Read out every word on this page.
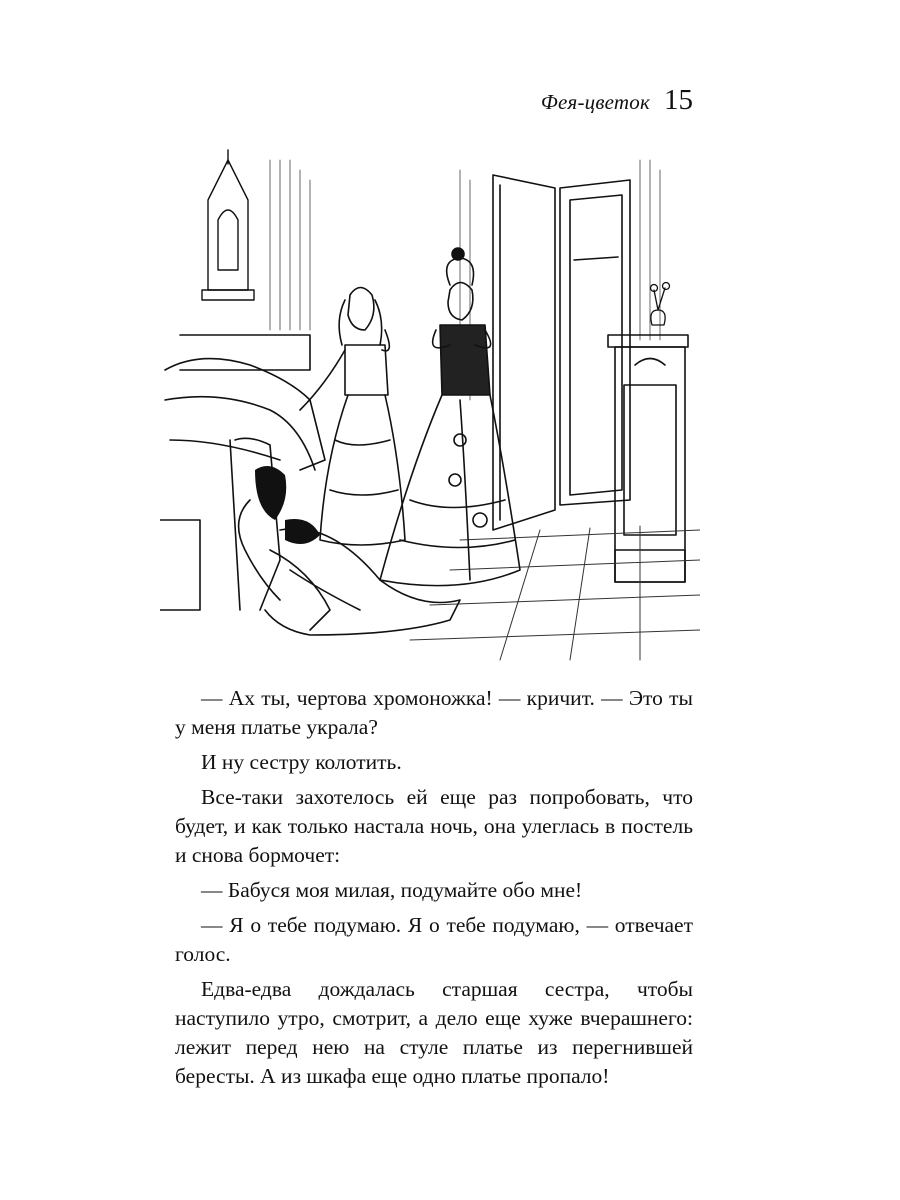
Фея-цветок 15

— Ах ты, чертова хромоножка! — кричит. — Это ты у меня платье украла?

И ну сестру колотить.

Все-таки захотелось ей еще раз попробовать, что будет, и как только настала ночь, она улеглась в постель и снова бормочет:

— Бабуся моя милая, подумайте обо мне!

— Я о тебе подумаю. Я о тебе подумаю, — отвечает голос.

Едва-едва дождалась старшая сестра, чтобы наступило утро, смотрит, а дело еще хуже вчерашнего: лежит перед нею на стуле платье из перегнившей бересты. А из шкафа еще одно платье пропало!
